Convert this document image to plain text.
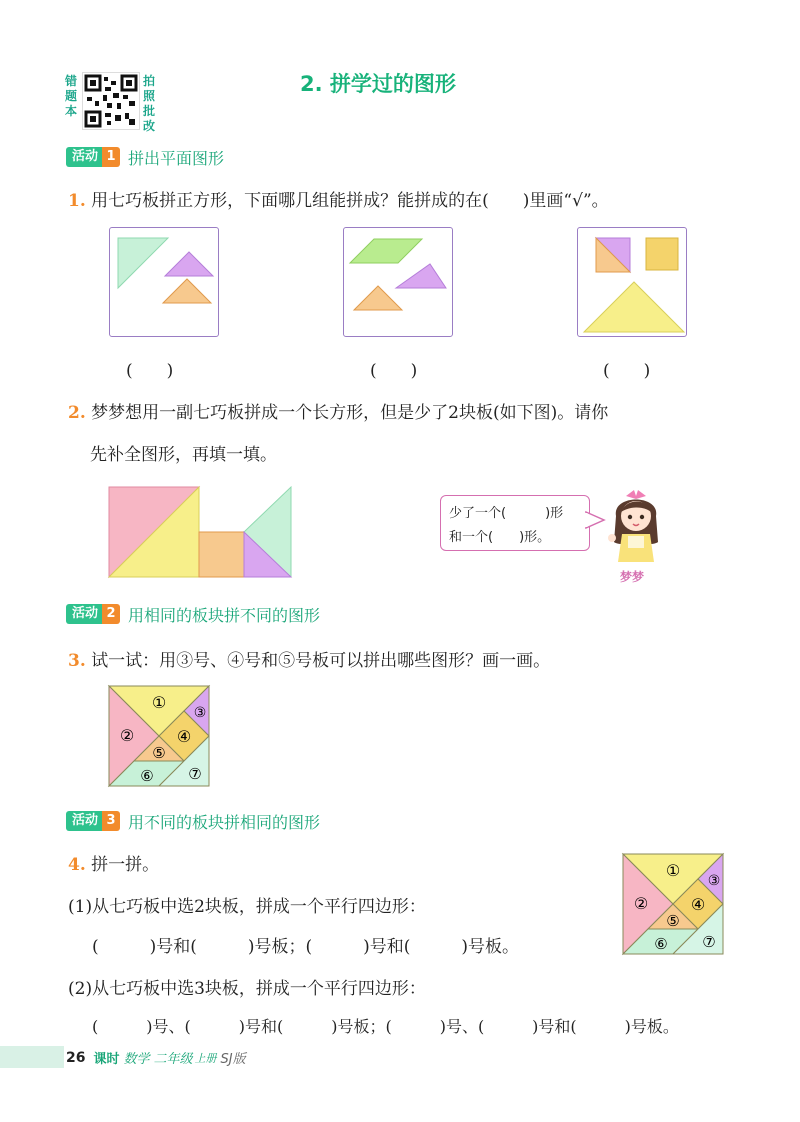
错题本
拍照批改
2. 拼学过的图形
活动 1 拼出平面图形
1. 用七巧板拼正方形，下面哪几组能拼成？能拼成的在(　　)里画“√”。
(　　)	(　　)	(　　)
2. 梦梦想用一副七巧板拼成一个长方形，但是少了2块板(如下图)。请你
先补全图形，再填一填。
少了一个(　　　)形
和一个(　　)形。
梦梦
活动 2 用相同的板块拼不同的图形
3. 试一试：用③号、④号和⑤号板可以拼出哪些图形？画一画。
①
②
③
④
⑤
⑥ ⑦
活动 3 用不同的板块拼相同的图形
4. 拼一拼。	①
②
③
④
⑤
⑥ ⑦
(1)从七巧板中选2块板，拼成一个平行四边形：
(　　　)号和(　　　)号板；(　　　)号和(　　　)号板。
(2)从七巧板中选3块板，拼成一个平行四边形：
(　　　)号、(　　　)号和(　　　)号板；(　　　)号、(　　　)号和(　　　)号板。
26 课时 数学 二年级 上册 SJ版
